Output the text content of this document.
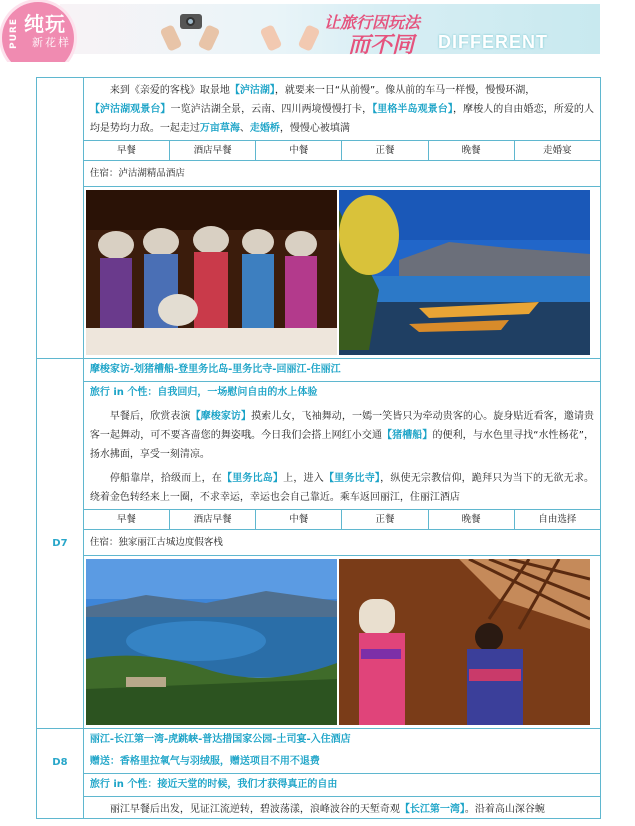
PURE 纯玩
新花样
让旅行因玩法
而不同 DIFFERENT
来到《亲爱的客栈》取景地【泸沽湖】，就要来一日“从前慢”。像从前的车马一样慢，慢慢环湖，
【泸沽湖观景台】一览泸沽湖全景，云南、四川两境慢慢打卡，【里格半岛观景台】，摩梭人的自由婚恋，所爱的人均是势均力敌。一起走过万亩草海、走婚桥，慢慢心被填满
早餐	酒店早餐	中餐	正餐	晚餐	走婚宴
住宿：泸沽湖精品酒店
D7
摩梭家访-划猪槽船-登里务比岛-里务比寺-回丽江-住丽江
旅行 in 个性：自我回归，一场慰问自由的水上体验
早餐后，欣赏表演【摩梭家访】摸索儿女，飞袖舞动，一嫣一笑皆只为牵动贵客的心。旋身贴近看客，邀请贵客一起舞动，可不要吝啬您的舞姿哦。今日我们会搭上网红小交通【猪槽船】的便利，与水色里寻找“水性杨花”，扬水拂面，享受一刻清凉。
停船靠岸，拾级而上，在【里务比岛】上，进入【里务比寺】，纵使无宗教信仰，跪拜只为当下的无欲无求。绕着金色转经来上一圈，不求幸运，幸运也会自己靠近。乘车返回丽江，住丽江酒店
早餐	酒店早餐	中餐	正餐	晚餐	自由选择
住宿：独家丽江古城边度假客栈
D8
丽江-长江第一湾-虎跳峡-普达措国家公园-土司宴-入住酒店
赠送：香格里拉氧气与羽绒服，赠送项目不用不退费
旅行 in 个性：接近天堂的时候，我们才获得真正的自由
丽江早餐后出发，见证江流逆转，碧波荡漾，浪峰波谷的天堑奇观【长江第一湾】。沿着高山深谷蜿
